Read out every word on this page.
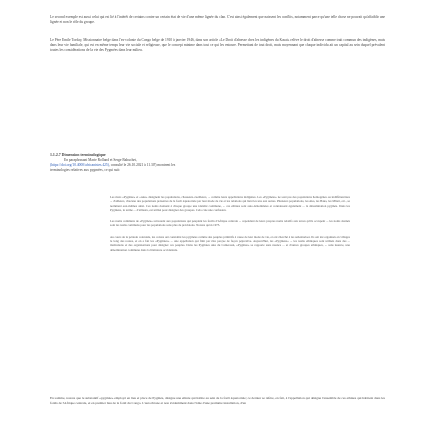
Le second exemple est aussi celui qui est lié à l'intérêt de certains contre un certain état de vie d'une même lignée du clan. C'est ainsi également que naissent les conflits, notamment parce qu'une telle chose ne pouvait qu'affaiblir une lignée et non le rôle du groupe.

Le Père Emile Torday, Missionnaire belge dans l'ex-colonie du Congo belge de 1910 à janvier 1946, dans son article «Le Droit d'aînesse chez les indigènes du Kasai» relève le droit d'aînesse comme trait commun des indigènes, mais dans leur vie familiale, qui est en même temps leur vie sociale et religieuse, que le concept minime dans tout ce qui les entoure. Permettant de tout droit, mais moyennant que chaque individu ait un capital au sein duquel prévalent toutes les considérations de la vie des Pygmées dans leur milieu.

1.1.2.7 Dimension terminologique

En paraphrasant Marie Rolland et Serge Bahuchet,

(https://doi.org/10.4000/africanistes.425), consulté le 26.10.2021 à 11.30') montrent les

terminologies relatives aux pygmées, ce qui suit:

Les mots «Pygmée» et «Aka» désignent les populations, chasseurs-cueilleurs, ... comme leurs appellations indigènes. Les «Pygmées» ne sont pas des populations homogènes ou indifférenciées ... d'ailleurs, chacune des populations présentes de la forêt équatoriale par leur mode de vie et les relations qui lient les uns aux autres. Plusieurs populations, les Aka, les Baka, les Mbuti, etc., se nomment eux-mêmes ainsi. Ces noms donnent à chaque groupe une identité commune, ... ces ethnies sont auto-dénommées et connaissent également ... la dénomination pygmée. Dans les Pygmées, le terme ... d'ailleurs, est utilisé pour désigner des groupes. Cela crée une confusion.

Les noms communs de «Pygmée» renvoient aux populations qui peuplent les forêts d'Afrique centrale ... cependant de leurs propres noms relatifs aux terres qu'ils occupent ... les noms donnés sont les noms communs pour les populations sans plus de précisions. Notons qu'en 1975.

Au cours de la période coloniale, les colons ont considéré les pygmées comme des peuples primitifs à cause de leur mode de vie, et ont cherché à les sédentariser. Ils ont été organisés en villages le long des routes, et en a fait les «Pygmées» ... une appellation qui finit par être perçue de façon péjorative. Aujourd'hui, les «Pygmées» ... les noms ethniques sont utilisés dans des ... institutions et des organisations pour désigner ces peuples. Dans les Pygmées Aka du Cameroun, «Pygmée» se rapporte sans nuance ... et d'autres groupes ethniques, ... sans nuance, une dénomination commune dans la littérature occidentale.

En somme, notons que le substantif «pygmée» employé en lieu et place de Pygmée, désigne une ethnie qui habite au sein de la forêt équatoriale; ce dernier se réfère, en fait, à l'appellation qui désigne l'ensemble de ces ethnies qui habitent dans les forêts de l'Afrique centrale, et en premier lieu de la forêt du Congo. L'autochtone et non évidemment dans l'idée d'une première installation, d'un
